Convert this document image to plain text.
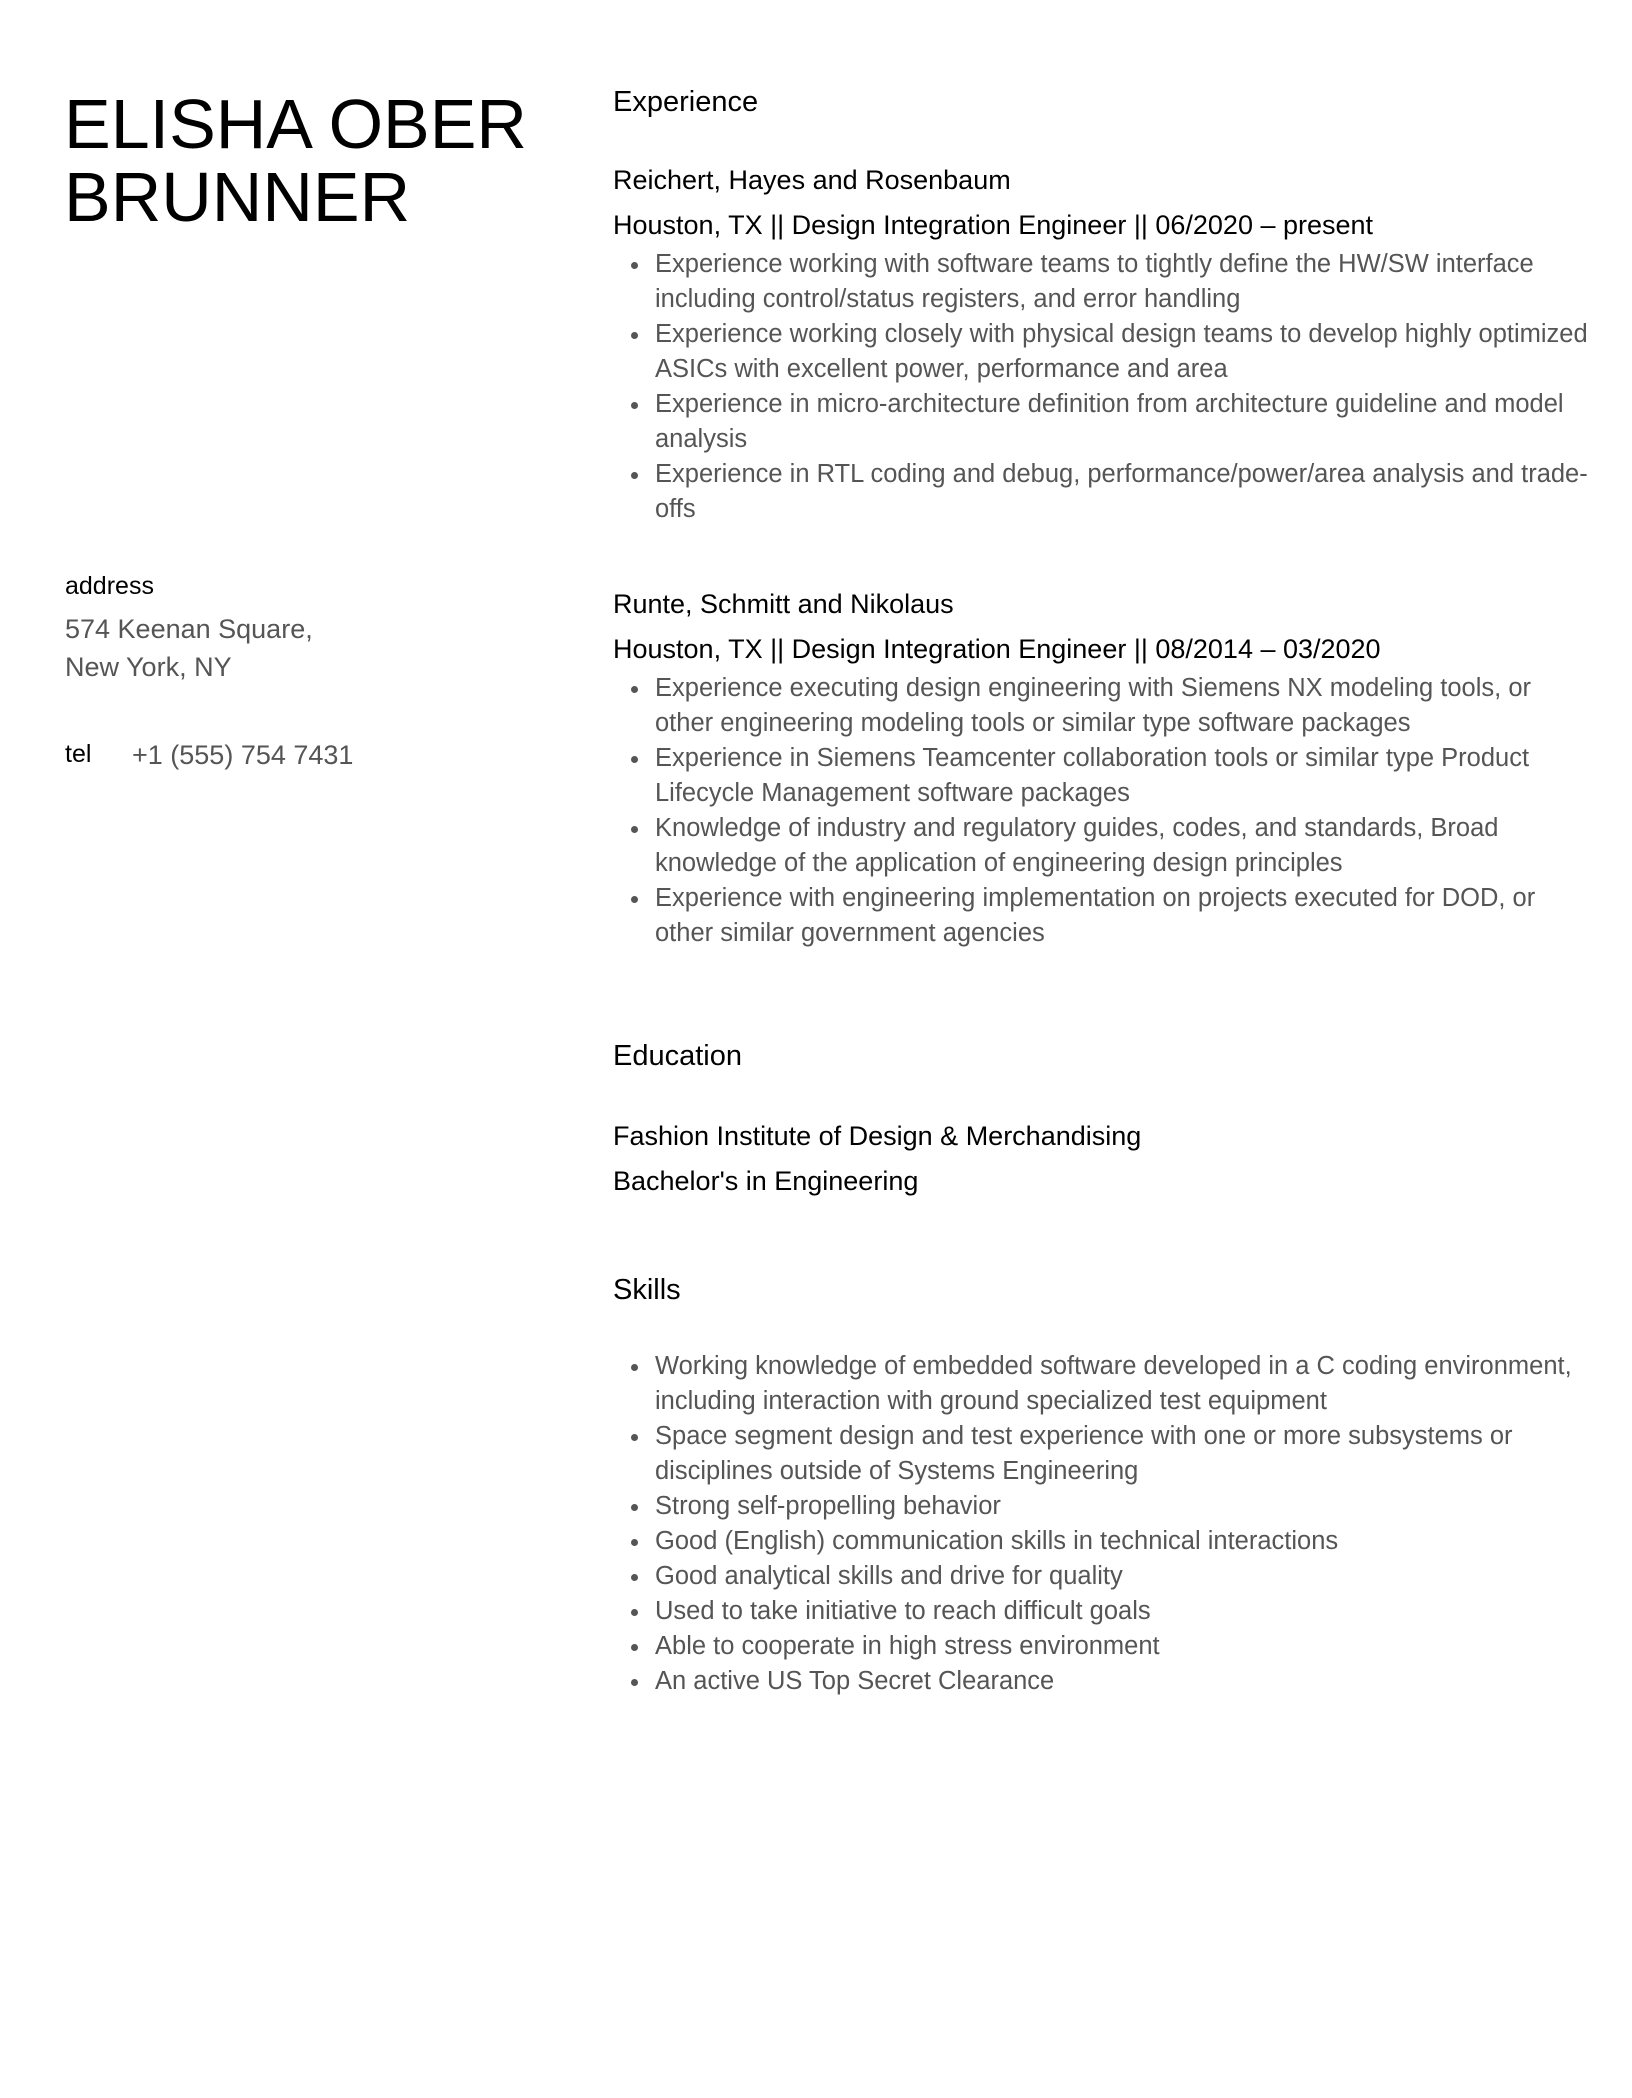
ELISHA OBERBRUNNER
address
574 Keenan Square,
New York, NY
tel +1 (555) 754 7431
Experience
Reichert, Hayes and Rosenbaum
Houston, TX || Design Integration Engineer || 06/2020 – present
Experience working with software teams to tightly define the HW/SW interface including control/status registers, and error handling
Experience working closely with physical design teams to develop highly optimized ASICs with excellent power, performance and area
Experience in micro-architecture definition from architecture guideline and model analysis
Experience in RTL coding and debug, performance/power/area analysis and trade-offs
Runte, Schmitt and Nikolaus
Houston, TX || Design Integration Engineer || 08/2014 – 03/2020
Experience executing design engineering with Siemens NX modeling tools, or other engineering modeling tools or similar type software packages
Experience in Siemens Teamcenter collaboration tools or similar type Product Lifecycle Management software packages
Knowledge of industry and regulatory guides, codes, and standards, Broad knowledge of the application of engineering design principles
Experience with engineering implementation on projects executed for DOD, or other similar government agencies
Education
Fashion Institute of Design & Merchandising
Bachelor's in Engineering
Skills
Working knowledge of embedded software developed in a C coding environment, including interaction with ground specialized test equipment
Space segment design and test experience with one or more subsystems or disciplines outside of Systems Engineering
Strong self-propelling behavior
Good (English) communication skills in technical interactions
Good analytical skills and drive for quality
Used to take initiative to reach difficult goals
Able to cooperate in high stress environment
An active US Top Secret Clearance
